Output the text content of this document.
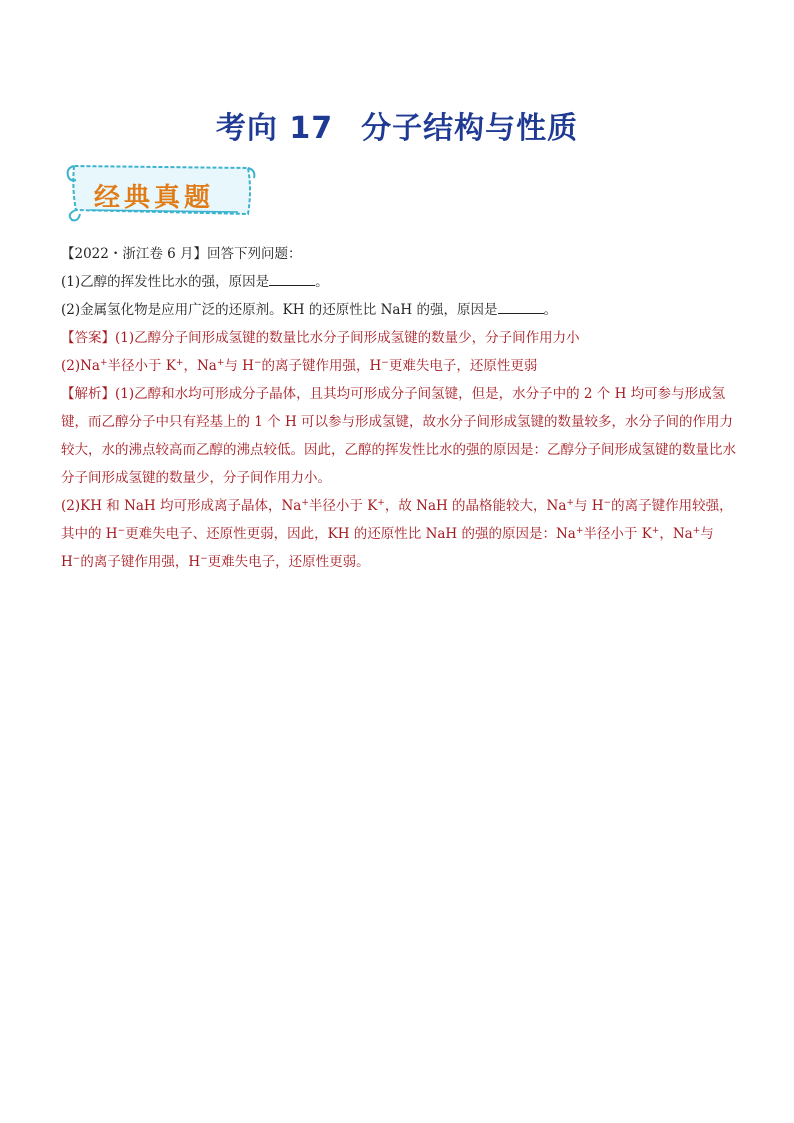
考向 17 分子结构与性质
经典真题

【2022・浙江卷 6 月】回答下列问题：

(1)乙醇的挥发性比水的强，原因是	。

(2)金属氢化物是应用广泛的还原剂。KH 的还原性比 NaH 的强，原因是	。

【答案】(1)乙醇分子间形成氢键的数量比水分子间形成氢键的数量少，分子间作用力小

(2)Na+半径小于 K+，Na+与 H−的离子键作用强，H−更难失电子，还原性更弱

【解析】(1)乙醇和水均可形成分子晶体，且其均可形成分子间氢键，但是，水分子中的 2 个 H 均可参与形成氢键，而乙醇分子中只有羟基上的 1 个 H 可以参与形成氢键，故水分子间形成氢键的数量较多，水分子间的作用力较大，水的沸点较高而乙醇的沸点较低。因此，乙醇的挥发性比水的强的原因是：乙醇分子间形成氢键的数量比水分子间形成氢键的数量少，分子间作用力小。

(2)KH 和 NaH 均可形成离子晶体，Na+半径小于 K+，故 NaH 的晶格能较大，Na+与 H−的离子键作用较强，其中的 H−更难失电子、还原性更弱，因此，KH 的还原性比 NaH 的强的原因是：Na+半径小于 K+，Na+与 H−的离子键作用强，H−更难失电子，还原性更弱。
